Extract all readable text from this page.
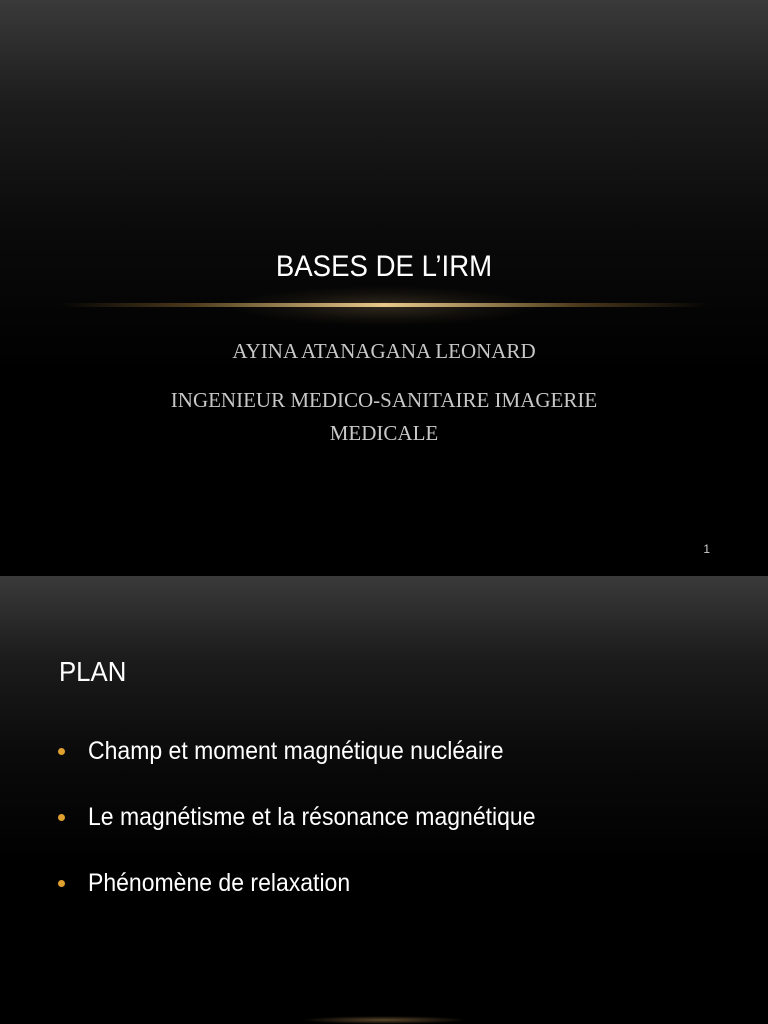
BASES DE L’IRM
AYINA ATANAGANA LEONARD
INGENIEUR MEDICO-SANITAIRE IMAGERIE MEDICALE
1
PLAN
Champ et moment magnétique nucléaire
Le magnétisme et la résonance magnétique
Phénomène de relaxation
